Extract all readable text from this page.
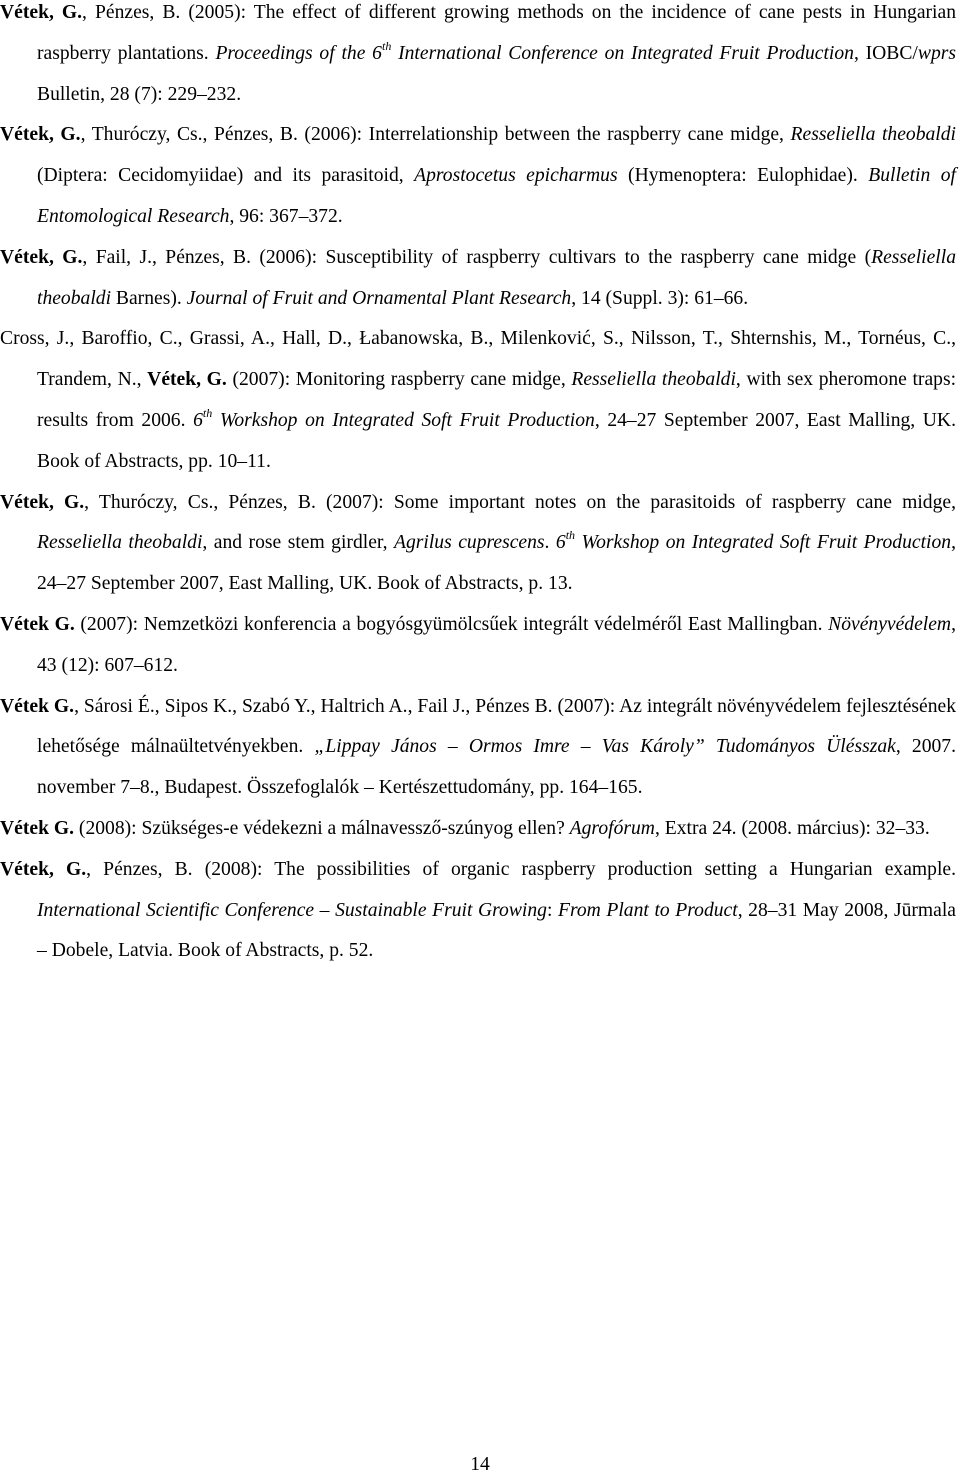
Vétek, G., Pénzes, B. (2005): The effect of different growing methods on the incidence of cane pests in Hungarian raspberry plantations. Proceedings of the 6th International Conference on Integrated Fruit Production, IOBC/wprs Bulletin, 28 (7): 229–232.

Vétek, G., Thuróczy, Cs., Pénzes, B. (2006): Interrelationship between the raspberry cane midge, Resseliella theobaldi (Diptera: Cecidomyiidae) and its parasitoid, Aprostocetus epicharmus (Hymenoptera: Eulophidae). Bulletin of Entomological Research, 96: 367–372.

Vétek, G., Fail, J., Pénzes, B. (2006): Susceptibility of raspberry cultivars to the raspberry cane midge (Resseliella theobaldi Barnes). Journal of Fruit and Ornamental Plant Research, 14 (Suppl. 3): 61–66.

Cross, J., Baroffio, C., Grassi, A., Hall, D., Łabanowska, B., Milenković, S., Nilsson, T., Shternshis, M., Tornéus, C., Trandem, N., Vétek, G. (2007): Monitoring raspberry cane midge, Resseliella theobaldi, with sex pheromone traps: results from 2006. 6th Workshop on Integrated Soft Fruit Production, 24–27 September 2007, East Malling, UK. Book of Abstracts, pp. 10–11.

Vétek, G., Thuróczy, Cs., Pénzes, B. (2007): Some important notes on the parasitoids of raspberry cane midge, Resseliella theobaldi, and rose stem girdler, Agrilus cuprescens. 6th Workshop on Integrated Soft Fruit Production, 24–27 September 2007, East Malling, UK. Book of Abstracts, p. 13.

Vétek G. (2007): Nemzetközi konferencia a bogyósgyümölcsűek integrált védelméről East Mallingban. Növényvédelem, 43 (12): 607–612.

Vétek G., Sárosi É., Sipos K., Szabó Y., Haltrich A., Fail J., Pénzes B. (2007): Az integrált növényvédelem fejlesztésének lehetősége málnaültetvényekben. „Lippay János – Ormos Imre – Vas Károly” Tudományos Ülésszak, 2007. november 7–8., Budapest. Összefoglalók – Kertészettudomány, pp. 164–165.

Vétek G. (2008): Szükséges-e védekezni a málnavessző-szúnyog ellen? Agrofórum, Extra 24. (2008. március): 32–33.

Vétek, G., Pénzes, B. (2008): The possibilities of organic raspberry production setting a Hungarian example. International Scientific Conference – Sustainable Fruit Growing: From Plant to Product, 28–31 May 2008, Jūrmala – Dobele, Latvia. Book of Abstracts, p. 52.

14
